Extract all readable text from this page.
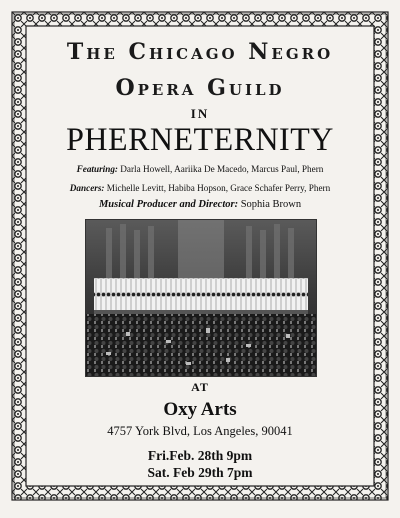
The Chicago Negro
Opera Guild
IN
PHERNETERNITY
Featuring: Darla Howell, Aariika De Macedo, Marcus Paul, Phern
Dancers: Michelle Levitt, Habiba Hopson, Grace Schafer Perry, Phern
Musical Producer and Director: Sophia Brown
AT
Oxy Arts
4757 York Blvd, Los Angeles, 90041
Fri.Feb. 28th 9pm
Sat. Feb 29th 7pm
